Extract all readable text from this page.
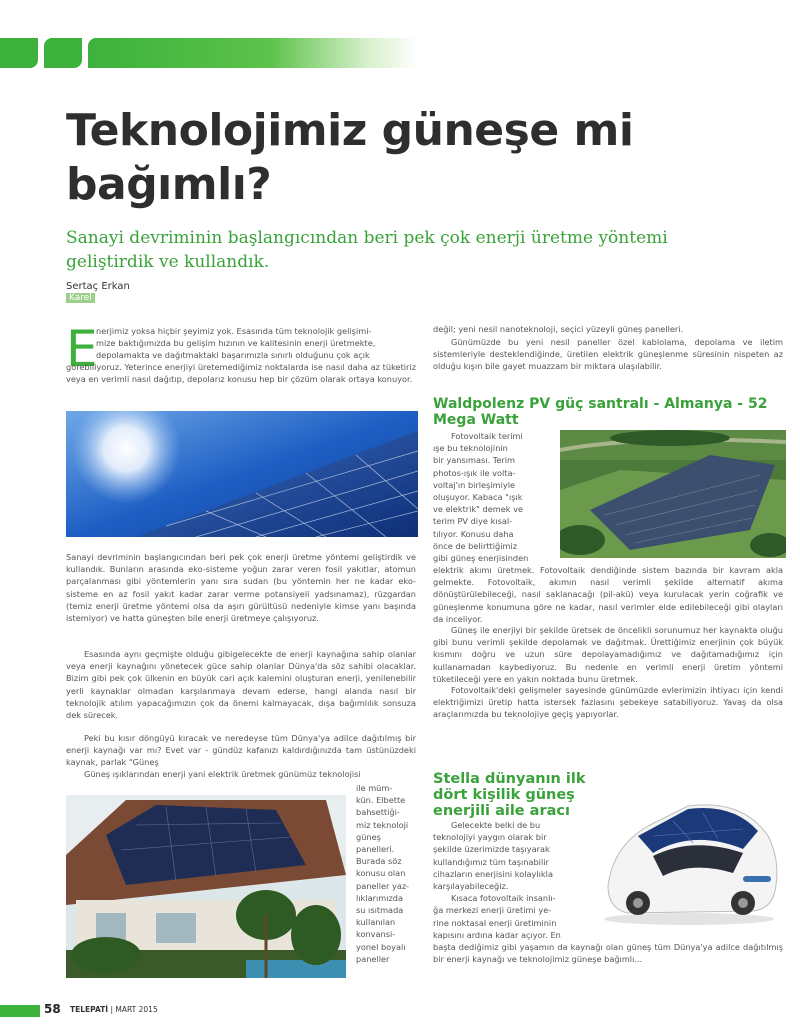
Teknolojimiz güneşe mi
bağımlı?
Sanayi devriminin başlangıcından beri pek çok enerji üretme yöntemi
geliştirdik ve kullandık.
Sertaç Erkan
Karel
E
nerjimiz yoksa hiçbir şeyimiz yok. Esasında tüm teknolojik gelişimi-
mize baktığımızda bu gelişim hızının ve kalitesinin enerji üretmekte,
depolamakta ve dağıtmaktaki başarımızla sınırlı olduğunu çok açık
görebiliyoruz. Yeterince enerjiyi üretemediğimiz noktalarda ise nasıl daha az tüketiriz veya en verimli nasıl dağıtıp, depolarız konusu hep bir çözüm olarak ortaya konuyor.
Sanayi devriminin başlangıcından beri pek çok enerji üretme yöntemi geliştirdik ve kullandık. Bunların arasında eko-sisteme yoğun zarar veren fosil yakıtlar, atomun parçalanması gibi yöntemlerin yanı sıra sudan (bu yöntemin her ne kadar eko-sisteme en az fosil yakıt kadar zarar verme potansiyeli yadsınamaz), rüzgardan (temiz enerji üretme yöntemi olsa da aşırı gürültüsü nedeniyle kimse yanı başında istemiyor) ve hatta güneşten bile enerji üretmeye çalışıyoruz.
Esasında aynı geçmişte olduğu gibigelecekte de enerji kaynağına sahip olanlar veya enerji kaynağını yönetecek güce sahip olanlar Dünya'da söz sahibi olacaklar. Bizim gibi pek çok ülkenin en büyük cari açık kalemini oluşturan enerji, yenilenebilir yerli kaynaklar olmadan karşılanmaya devam ederse, hangi alanda nasıl bir teknolojik atılım yapacağımızın çok da önemi kalmayacak, dışa bağımlılık sonsuza dek sürecek.
Peki bu kısır döngüyü kıracak ve neredeyse tüm Dünya'ya adilce dağıtılmış bir enerji kaynağı var mı? Evet var - gündüz kafanızı kaldırdığınızda tam üstünüzdeki kaynak, parlak "Güneş
Güneş ışıklarından enerji yani elektrik üretmek günümüz teknolojisi
ile müm-
kün. Elbette
bahsettiği-
miz teknoloji
güneş
panelleri.
Burada söz
konusu olan
paneller yaz-
lıklarımızda
su ısıtmada
kullanılan
konvansi-
yonel boyalı
paneller
değil; yeni nesil nanoteknoloji, seçici yüzeyli güneş panelleri.
Günümüzde bu yeni nesil paneller özel kablolama, depolama ve iletim sistemleriyle desteklendiğinde, üretilen elektrik güneşlenme süresinin nispeten az olduğu kışın bile gayet muazzam bir miktara ulaşılabilir.
Waldpolenz PV güç santralı - Almanya - 52
Mega Watt
Fotovoltaik terimi
ışe bu teknolojinin
bir yansıması. Terim
photos-ışık ile volta-
voltaj'ın birleşimiyle
oluşuyor. Kabaca "ışık
ve elektrik" demek ve
terim PV diye kısal-
tılıyor. Konusu daha
önce de belirttiğimiz
gibi güneş enerjisinden
elektrik akımı üretmek. Fotovoltaik dendiğinde sistem bazında bir kavram akla gelmekte. Fotovoltaik, akımın nasıl verimli şekilde alternatif akıma dönüştürülebileceği, nasıl saklanacağı (pil-akü) veya kurulacak yerin coğrafik ve güneşlenme konumuna göre ne kadar, nasıl verimler elde edilebileceği gibi olayları da inceliyor.
Güneş ile enerjiyi bir şekilde üretsek de öncelikli sorunumuz her kaynakta oluğu gibi bunu verimli şekilde depolamak ve dağıtmak. Ürettiğimiz enerjinin çok büyük kısmını doğru ve uzun süre depolayamadığımız ve dağıtamadığımız için kullanamadan kaybediyoruz. Bu nedenle en verimli enerji üretim yöntemi tüketileceği yere en yakın noktada bunu üretmek.
Fotovoltaik'deki gelişmeler sayesinde günümüzde evlerimizin ihtiyacı için kendi elektriğimizi üretip hatta istersek fazlasını şebekeye satabiliyoruz. Yavaş da olsa araçlarımızda bu teknolojiye geçiş yapıyorlar.
Stella dünyanın ilk
dört kişilik güneş
enerjili aile aracı
Gelecekte belki de bu
teknolojiyi yaygın olarak bir
şekilde üzerimizde taşıyarak
kullandığımız tüm taşınabilir
cihazların enerjisini kolaylıkla
karşılayabileceğiz.
Kısaca fotovoltaik insanlı-
ğa merkezi enerji üretimi ye-
rine noktasal enerji üretiminin
kapısını ardına kadar açıyor. En
başta dediğimiz gibi yaşamın da kaynağı olan güneş tüm Dünya'ya adilce dağıtılmış bir enerji kaynağı ve teknolojimiz güneşe bağımlı...
58 TELEPATİ | MART 2015
